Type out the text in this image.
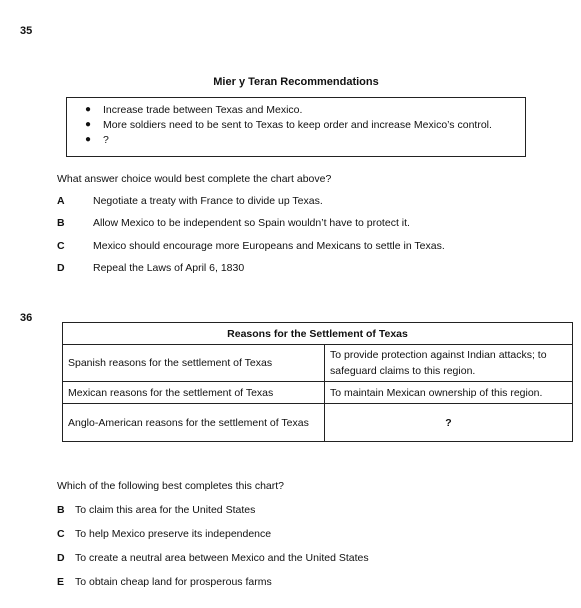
35
Mier y Teran Recommendations
● Increase trade between Texas and Mexico.
● More soldiers need to be sent to Texas to keep order and increase Mexico’s control.
● ?
What answer choice would best complete the chart above?
A	Negotiate a treaty with France to divide up Texas.
B	Allow Mexico to be independent so Spain wouldn’t have to protect it.
C	Mexico should encourage more Europeans and Mexicans to settle in Texas.
D	Repeal the Laws of April 6, 1830
36
Reasons for the Settlement of Texas	
Spanish reasons for the settlement of Texas	To provide protection against Indian attacks; to
safeguard claims to this region.

Mexican reasons for the settlement of Texas	To maintain Mexican ownership of this region.
Anglo-American reasons for the settlement of Texas	?
Which of the following best completes this chart?
B To claim this area for the United States
C To help Mexico preserve its independence
D To create a neutral area between Mexico and the United States
E To obtain cheap land for prosperous farms
